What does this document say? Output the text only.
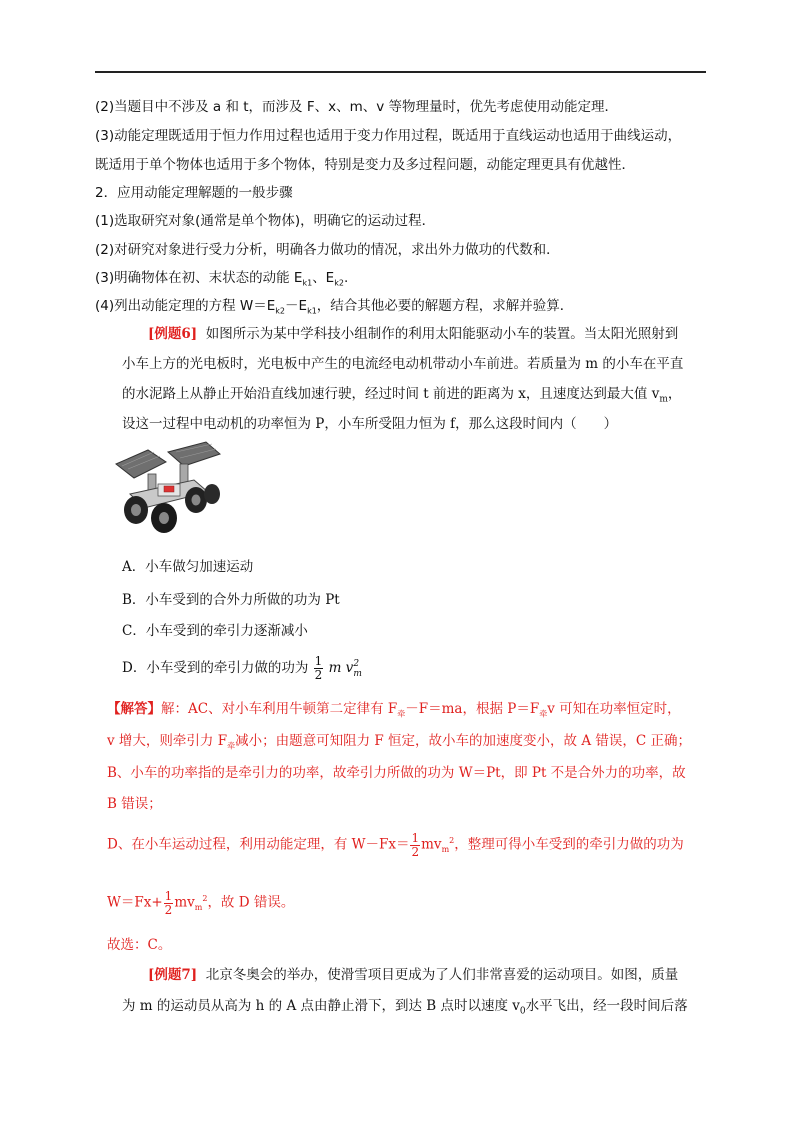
(2)当题目中不涉及 a 和 t，而涉及 F、x、m、v 等物理量时，优先考虑使用动能定理．
(3)动能定理既适用于恒力作用过程也适用于变力作用过程，既适用于直线运动也适用于曲线运动，
既适用于单个物体也适用于多个物体，特别是变力及多过程问题，动能定理更具有优越性．
2．应用动能定理解题的一般步骤
(1)选取研究对象(通常是单个物体)，明确它的运动过程．
(2)对研究对象进行受力分析，明确各力做功的情况，求出外力做功的代数和．
(3)明确物体在初、末状态的动能 $E_{k1}$、$E_{k2}$.
(4)列出动能定理的方程 $W=E_{k2}-E_{k1}$，结合其他必要的解题方程，求解并验算．
[例题6] 如图所示为某中学科技小组制作的利用太阳能驱动小车的装置。当太阳光照射到
小车上方的光电板时，光电板中产生的电流经电动机带动小车前进。若质量为 m 的小车在平直
的水泥路上从静止开始沿直线加速行驶，经过时间 t 前进的距离为 x，且速度达到最大值 $v_m$，
设这一过程中电动机的功率恒为 P，小车所受阻力恒为 f，那么这段时间内（　　）
A．小车做匀加速运动
B．小车受到的合外力所做的功为 Pt
C．小车受到的牵引力逐渐减小
D．小车受到的牵引力做的功为 $\frac{1}{2}$ m v 2
m
【解答】解：AC、对小车利用牛顿第二定律有 $F_牵-F=ma$，根据 $P=F_牵v$ 可知在功率恒定时，
v 增大，则牵引力 $F_牵$减小；由题意可知阻力 F 恒定，故小车的加速度变小，故 A 错误，C 正确；
B、小车的功率指的是牵引力的功率，故牵引力所做的功为 W＝Pt，即 Pt 不是合外力的功率，故
B 错误；
D、在小车运动过程，利用动能定理，有 $W-Fx= \frac{1}{2} mv_m^2$，整理可得小车受到的牵引力做的功为
$W=Fx+ \frac{1}{2} mv_m^2$，故 D 错误。
故选：C。
[例题7] 北京冬奥会的举办，使滑雪项目更成为了人们非常喜爱的运动项目。如图，质量
为 m 的运动员从高为 h 的 A 点由静止滑下，到达 B 点时以速度 $v_0$水平飞出，经一段时间后落
